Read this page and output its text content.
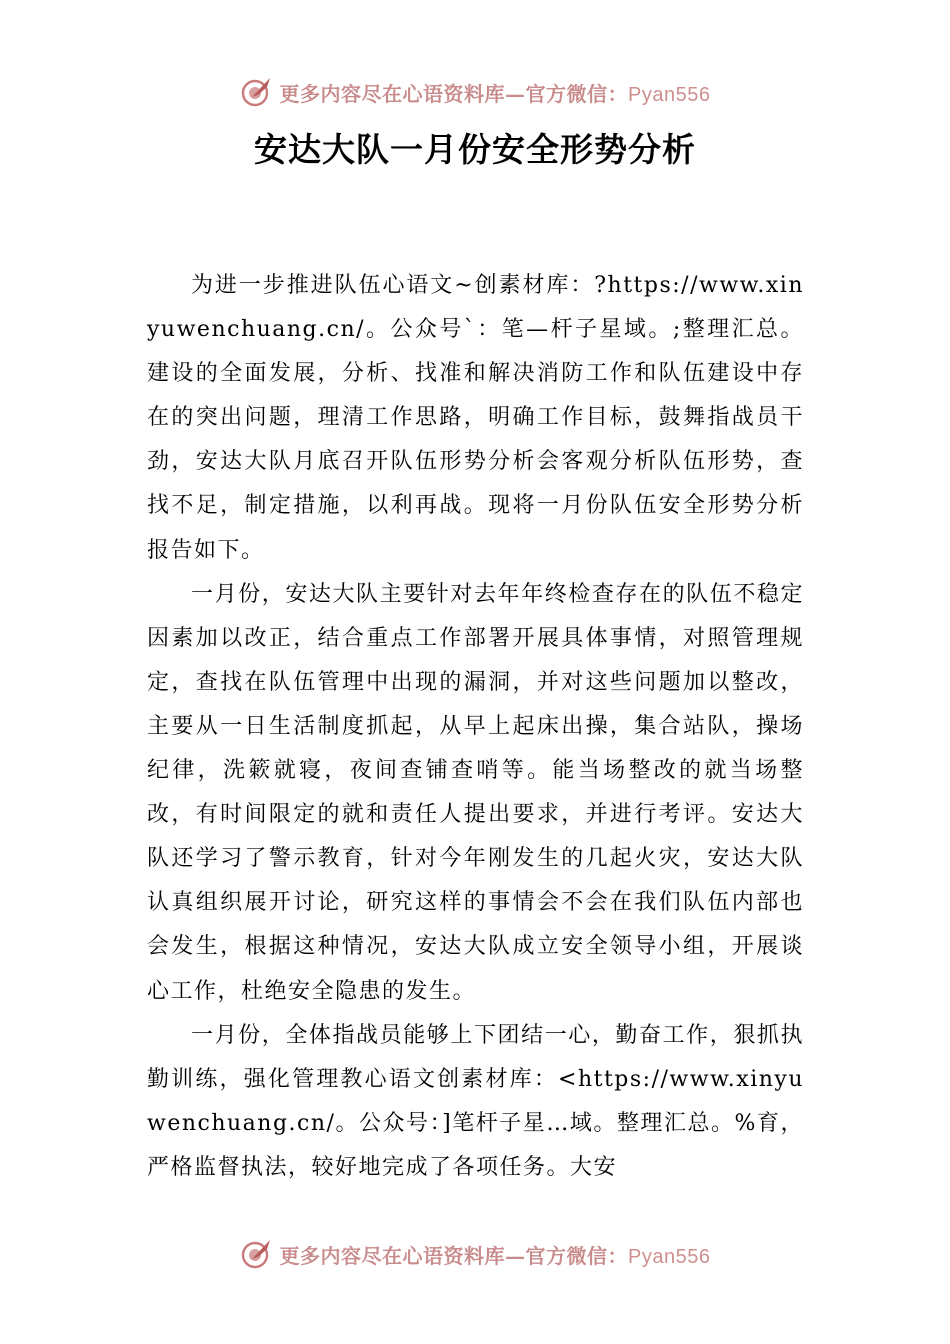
更多内容尽在心语资料库—官方微信：Pyan556
安达大队一月份安全形势分析

为进一步推进队伍心语文~创素材库：?https://www.xinyuwenchuang.cn/。公众号`：笔—杆子星域。;整理汇总。建设的全面发展，分析、找准和解决消防工作和队伍建设中存在的突出问题，理清工作思路，明确工作目标，鼓舞指战员干劲，安达大队月底召开队伍形势分析会客观分析队伍形势，查找不足，制定措施，以利再战。现将一月份队伍安全形势分析报告如下。

一月份，安达大队主要针对去年年终检查存在的队伍不稳定因素加以改正，结合重点工作部署开展具体事情，对照管理规定，查找在队伍管理中出现的漏洞，并对这些问题加以整改，主要从一日生活制度抓起，从早上起床出操，集合站队，操场纪律，洗簌就寝，夜间查铺查哨等。能当场整改的就当场整改，有时间限定的就和责任人提出要求，并进行考评。安达大队还学习了警示教育，针对今年刚发生的几起火灾，安达大队认真组织展开讨论，研究这样的事情会不会在我们队伍内部也会发生，根据这种情况，安达大队成立安全领导小组，开展谈心工作，杜绝安全隐患的发生。

一月份，全体指战员能够上下团结一心，勤奋工作，狠抓执勤训练，强化管理教心语文创素材库：<https://www.xinyuwenchuang.cn/。公众号：]笔杆子星…域。整理汇总。%育，严格监督执法，较好地完成了各项任务。大安

更多内容尽在心语资料库—官方微信：Pyan556
